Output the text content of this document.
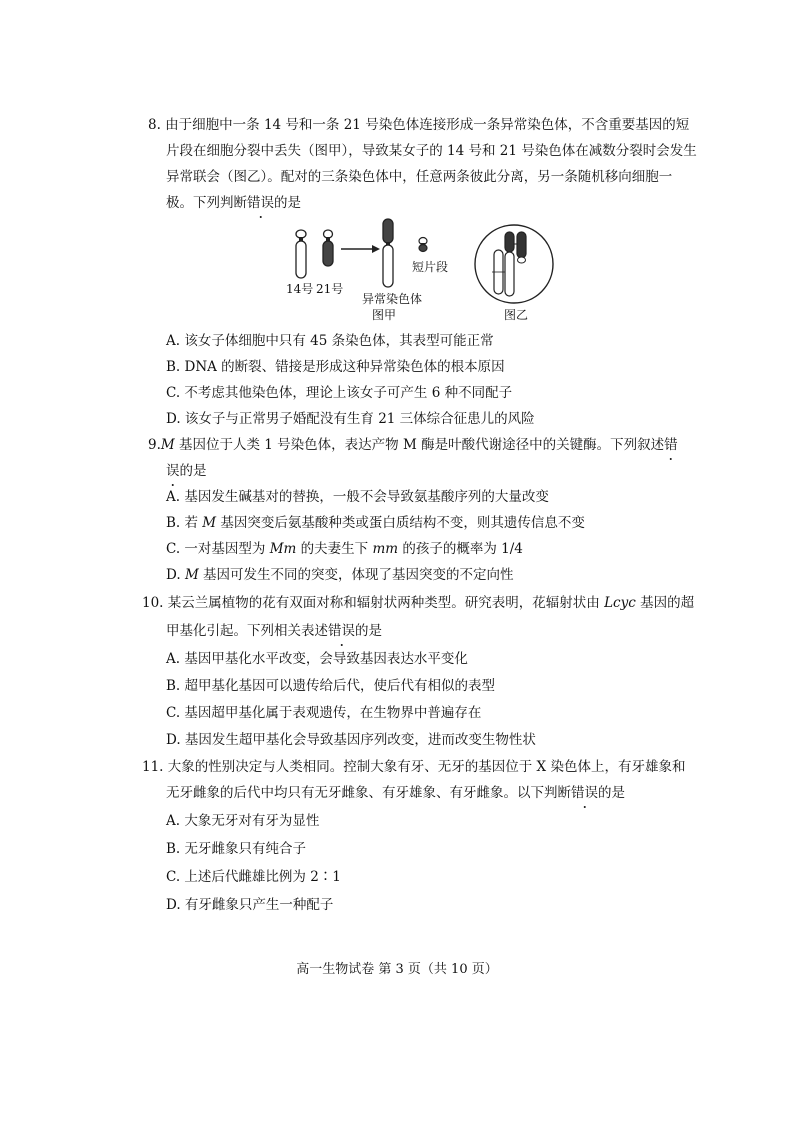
8. 由于细胞中一条 14 号和一条 21 号染色体连接形成一条异常染色体，不含重要基因的短
片段在细胞分裂中丢失（图甲），导致某女子的 14 号和 21 号染色体在减数分裂时会发生
异常联会（图乙）。配对的三条染色体中，任意两条彼此分离，另一条随机移向细胞一
极。下列判断错误的是
14号 21号
短片段
异常染色体
图甲	图乙
A. 该女子体细胞中只有 45 条染色体，其表型可能正常
B. DNA 的断裂、错接是形成这种异常染色体的根本原因
C. 不考虑其他染色体，理论上该女子可产生 6 种不同配子
D. 该女子与正常男子婚配没有生育 21 三体综合征患儿的风险
9.M 基因位于人类 1 号染色体，表达产物 M 酶是叶酸代谢途径中的关键酶。下列叙述错
误的是
A. 基因发生碱基对的替换，一般不会导致氨基酸序列的大量改变
B. 若 M 基因突变后氨基酸种类或蛋白质结构不变，则其遗传信息不变
C. 一对基因型为 Mm 的夫妻生下 mm 的孩子的概率为 1/4
D. M 基因可发生不同的突变，体现了基因突变的不定向性
10. 某云兰属植物的花有双面对称和辐射状两种类型。研究表明，花辐射状由 Lcyc 基因的超
甲基化引起。下列相关表述错误的是
A. 基因甲基化水平改变，会导致基因表达水平变化
B. 超甲基化基因可以遗传给后代，使后代有相似的表型
C. 基因超甲基化属于表观遗传，在生物界中普遍存在
D. 基因发生超甲基化会导致基因序列改变，进而改变生物性状
11. 大象的性别决定与人类相同。控制大象有牙、无牙的基因位于 X 染色体上，有牙雄象和
无牙雌象的后代中均只有无牙雌象、有牙雄象、有牙雌象。以下判断错误的是
A. 大象无牙对有牙为显性
B. 无牙雌象只有纯合子
C. 上述后代雌雄比例为 2∶1
D. 有牙雌象只产生一种配子
高一生物试卷 第 3 页（共 10 页）
